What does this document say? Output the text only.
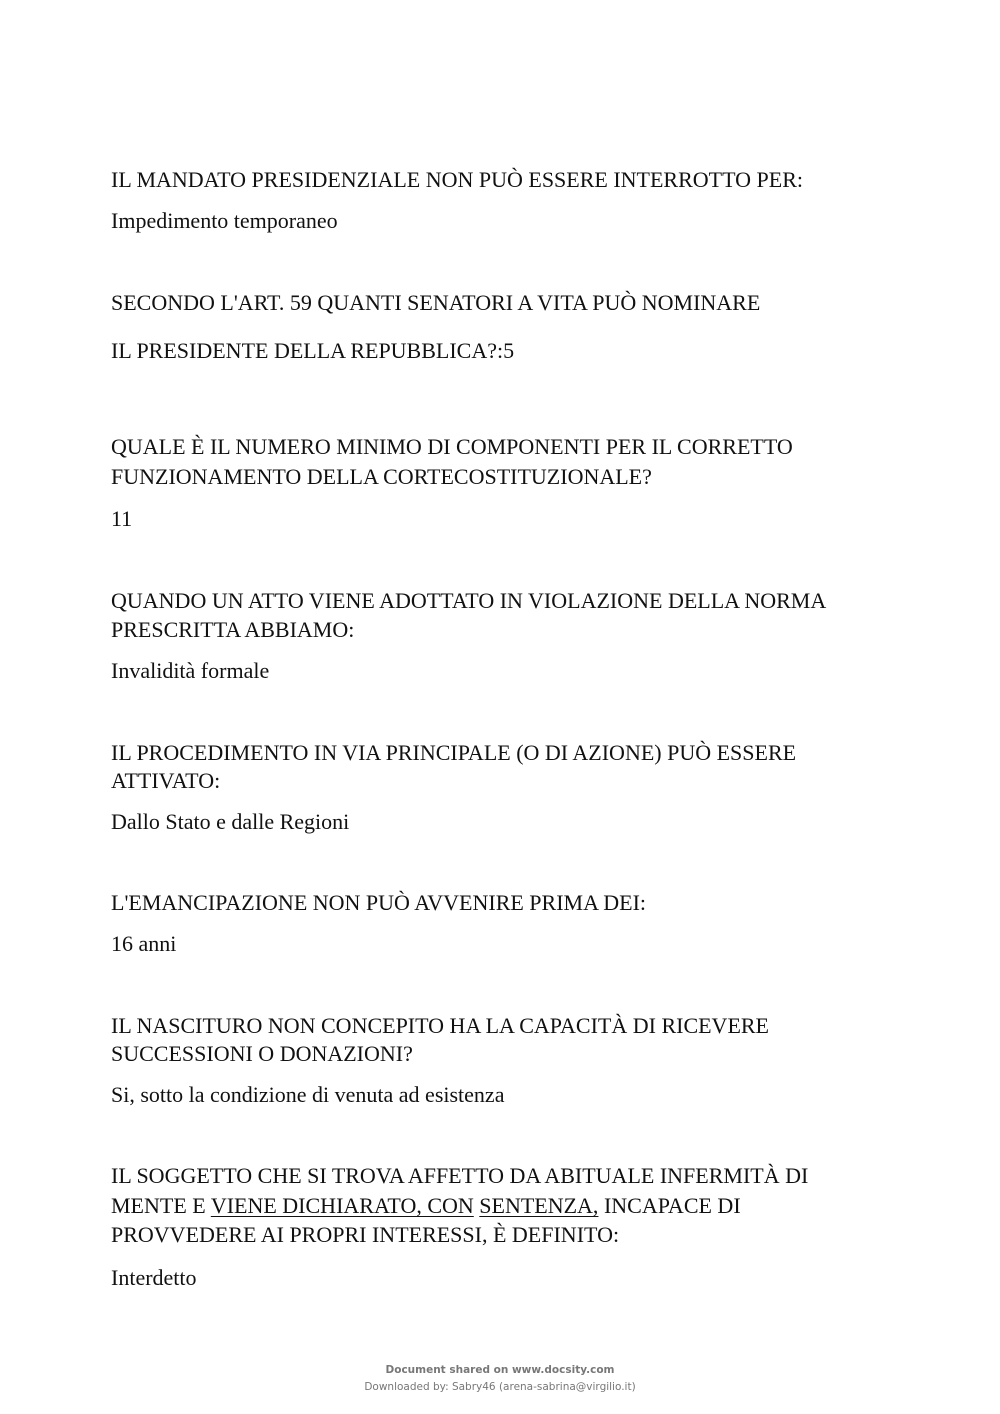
IL MANDATO PRESIDENZIALE NON PUÒ ESSERE INTERROTTO PER:
Impedimento temporaneo
SECONDO L'ART. 59 QUANTI SENATORI A VITA PUÒ NOMINARE
IL PRESIDENTE DELLA REPUBBLICA?:5
QUALE È IL NUMERO MINIMO DI COMPONENTI PER IL CORRETTO
FUNZIONAMENTO DELLA CORTECOSTITUZIONALE?
11
QUANDO UN ATTO VIENE ADOTTATO IN VIOLAZIONE DELLA NORMA
PRESCRITTA ABBIAMO:
Invalidità formale
IL PROCEDIMENTO IN VIA PRINCIPALE (O DI AZIONE) PUÒ ESSERE
ATTIVATO:
Dallo Stato e dalle Regioni
L'EMANCIPAZIONE NON PUÒ AVVENIRE PRIMA DEI:
16 anni
IL NASCITURO NON CONCEPITO HA LA CAPACITÀ DI RICEVERE
SUCCESSIONI O DONAZIONI?
Si, sotto la condizione di venuta ad esistenza
IL SOGGETTO CHE SI TROVA AFFETTO DA ABITUALE INFERMITÀ DI
MENTE E VIENE DICHIARATO, CON SENTENZA, INCAPACE DI
PROVVEDERE AI PROPRI INTERESSI, È DEFINITO:
Interdetto
Document shared on www.docsity.com
Downloaded by: Sabry46 (arena-sabrina@virgilio.it)
